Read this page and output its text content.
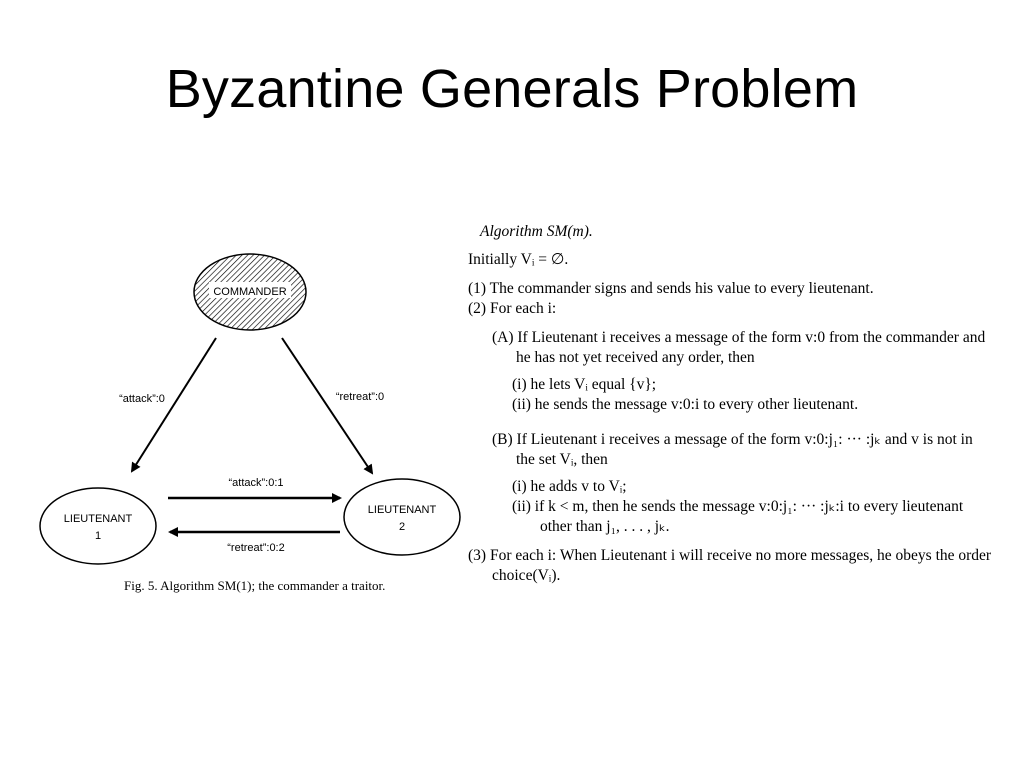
Byzantine Generals Problem
COMMANDER
LIEUTENANT
1
LIEUTENANT
2
“attack”:0	“retreat”:0
“attack”:0:1
“retreat”:0:2
Fig. 5. Algorithm SM(1); the commander a traitor.
Algorithm SM(m).
Initially Vᵢ = ∅.
(1) The commander signs and sends his value to every lieutenant.
(2) For each i:
(A) If Lieutenant i receives a message of the form v:0 from the commander and he has not yet received any order, then
(i) he lets Vᵢ equal {v};
(ii) he sends the message v:0:i to every other lieutenant.
(B) If Lieutenant i receives a message of the form v:0:j₁: ··· :jₖ and v is not in the set Vᵢ, then
(i) he adds v to Vᵢ;
(ii) if k < m, then he sends the message v:0:j₁: ··· :jₖ:i to every lieutenant other than j₁, . . . , jₖ.
(3) For each i: When Lieutenant i will receive no more messages, he obeys the order choice(Vᵢ).
